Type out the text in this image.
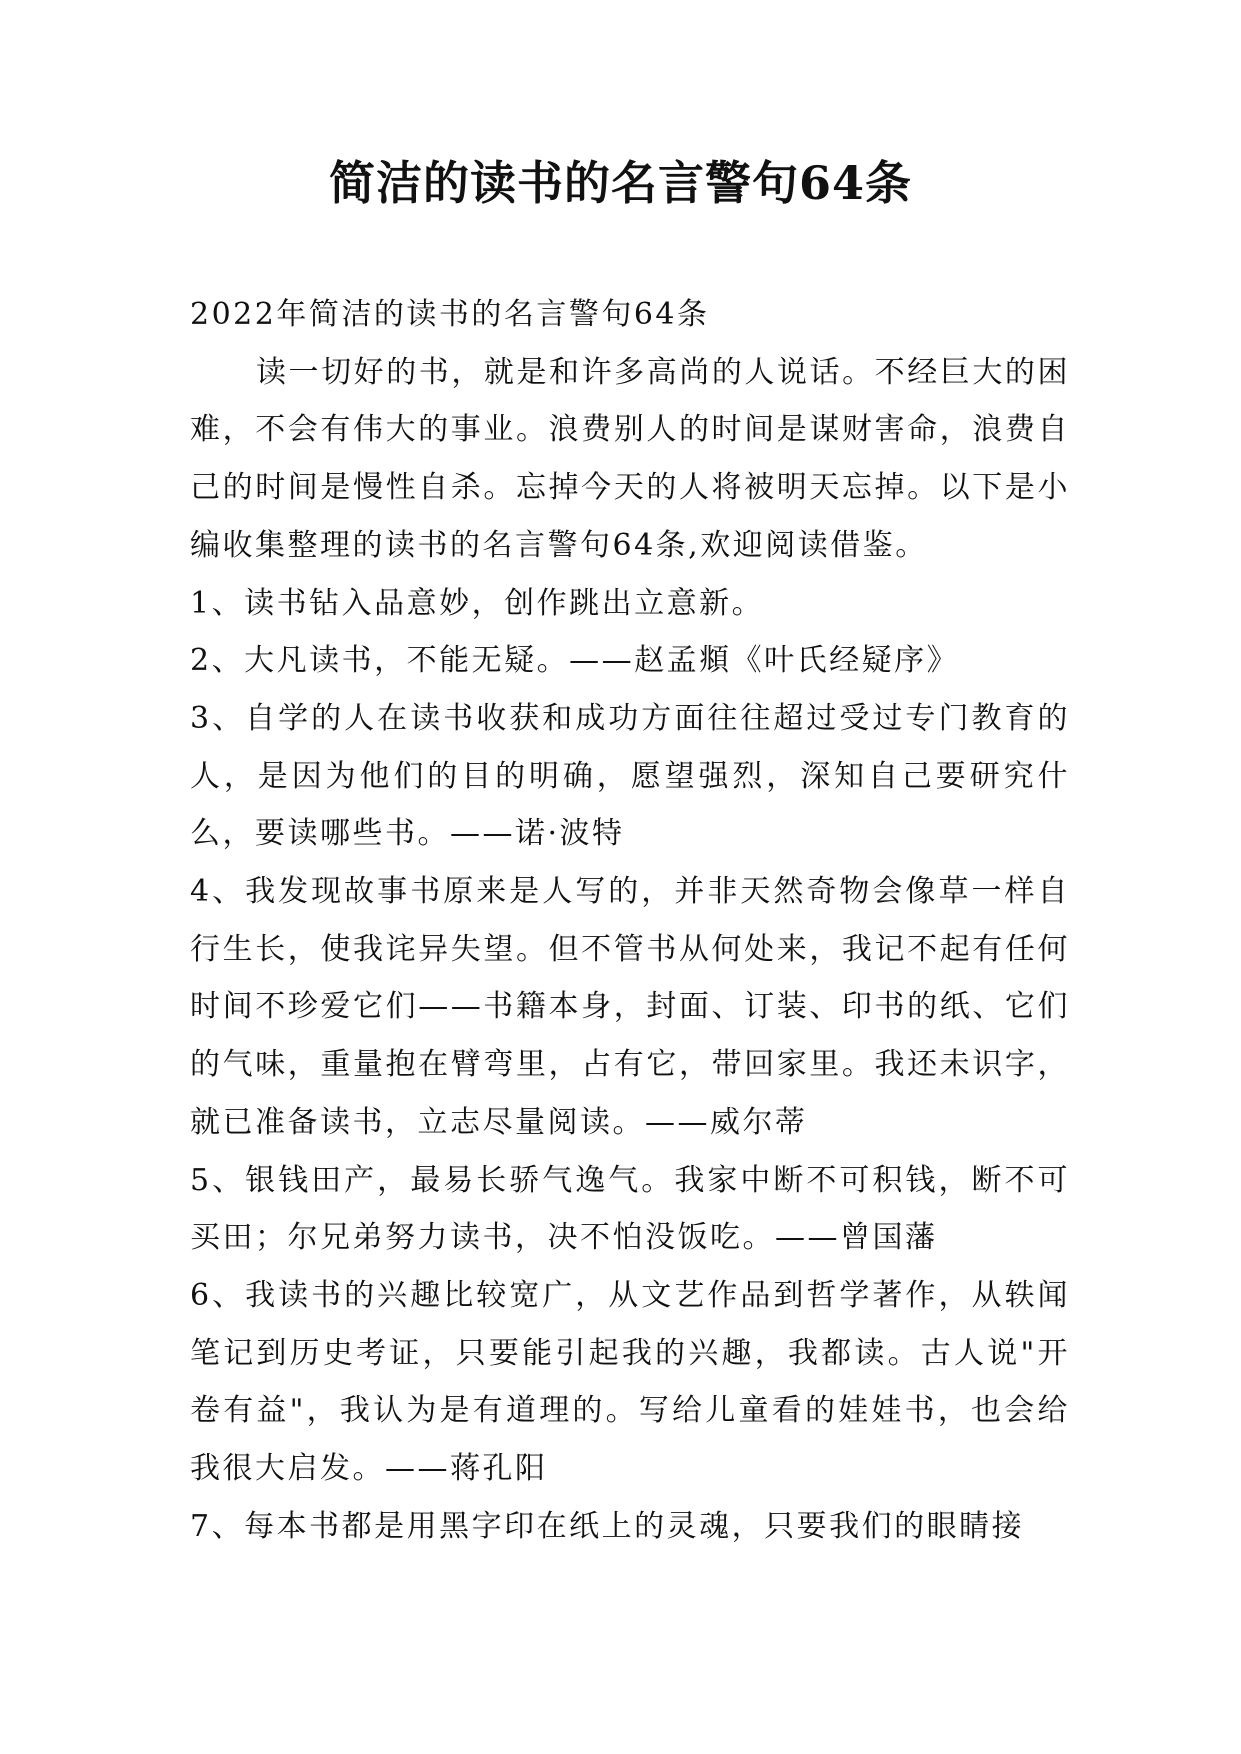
简洁的读书的名言警句64条

2022年简洁的读书的名言警句64条

读一切好的书，就是和许多高尚的人说话。不经巨大的困难，不会有伟大的事业。浪费别人的时间是谋财害命，浪费自己的时间是慢性自杀。忘掉今天的人将被明天忘掉。以下是小编收集整理的读书的名言警句64条,欢迎阅读借鉴。

1、读书钻入品意妙，创作跳出立意新。

2、大凡读书，不能无疑。——赵孟頫《叶氏经疑序》

3、自学的人在读书收获和成功方面往往超过受过专门教育的人，是因为他们的目的明确，愿望强烈，深知自己要研究什么，要读哪些书。——诺·波特

4、我发现故事书原来是人写的，并非天然奇物会像草一样自行生长，使我诧异失望。但不管书从何处来，我记不起有任何时间不珍爱它们——书籍本身，封面、订装、印书的纸、它们的气味，重量抱在臂弯里，占有它，带回家里。我还未识字，就已准备读书，立志尽量阅读。——威尔蒂

5、银钱田产，最易长骄气逸气。我家中断不可积钱，断不可买田；尔兄弟努力读书，决不怕没饭吃。——曾国藩

6、我读书的兴趣比较宽广，从文艺作品到哲学著作，从轶闻笔记到历史考证，只要能引起我的兴趣，我都读。古人说"开卷有益"，我认为是有道理的。写给儿童看的娃娃书，也会给我很大启发。——蒋孔阳

7、每本书都是用黑字印在纸上的灵魂，只要我们的眼睛接
